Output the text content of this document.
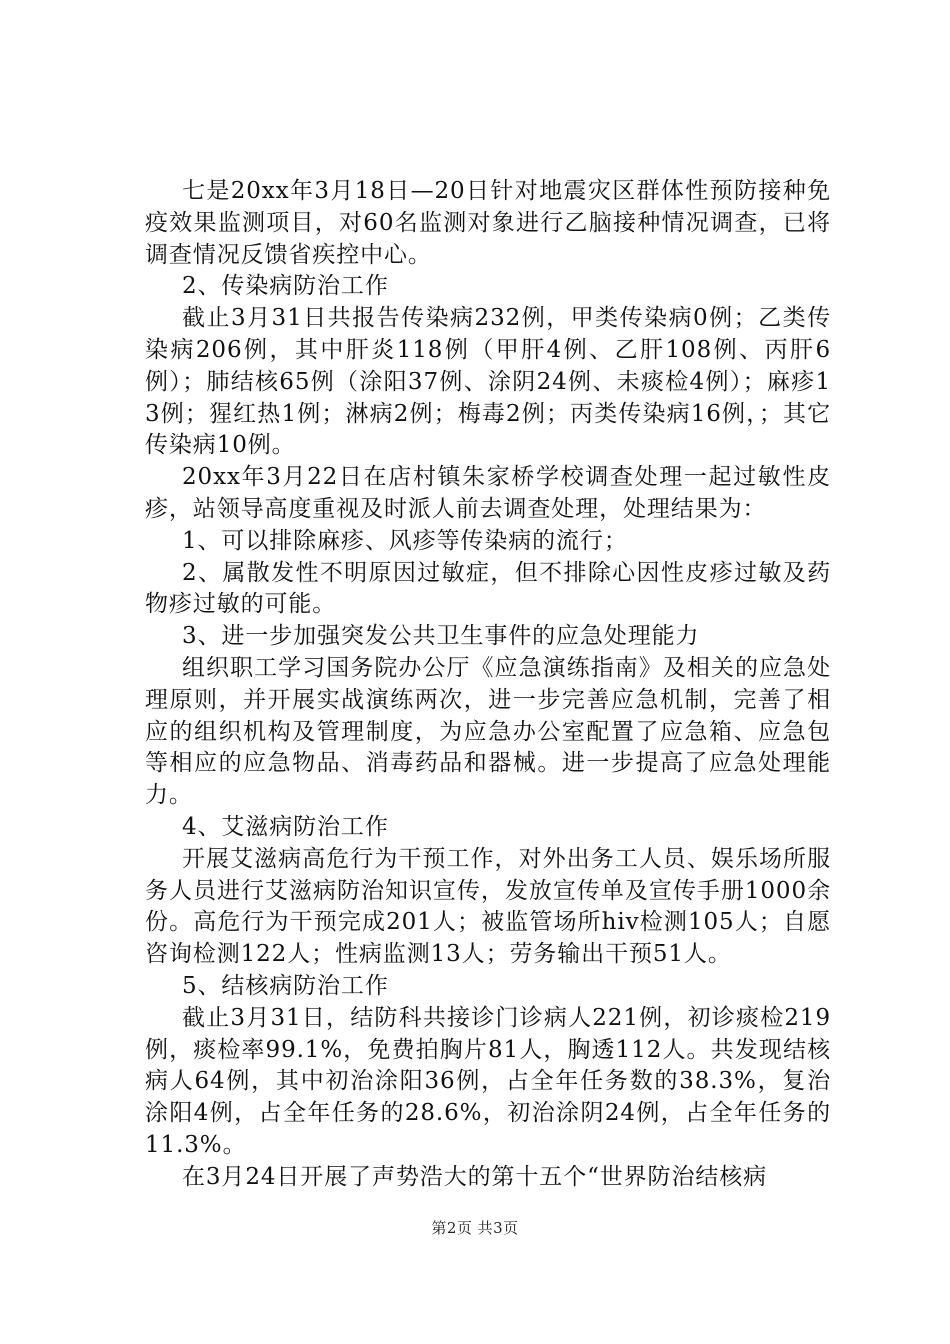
七是20xx年3月18日—20日针对地震灾区群体性预防接种免疫效果监测项目，对60名监测对象进行乙脑接种情况调查，已将调查情况反馈省疾控中心。

2、传染病防治工作

截止3月31日共报告传染病232例，甲类传染病0例；乙类传染病206例，其中肝炎118例（甲肝4例、乙肝108例、丙肝6例）；肺结核65例（涂阳37例、涂阴24例、未痰检4例）；麻疹13例；猩红热1例；淋病2例；梅毒2例；丙类传染病16例，；其它传染病10例。

20xx年3月22日在店村镇朱家桥学校调查处理一起过敏性皮疹，站领导高度重视及时派人前去调查处理，处理结果为：

1、可以排除麻疹、风疹等传染病的流行；

2、属散发性不明原因过敏症，但不排除心因性皮疹过敏及药物疹过敏的可能。

3、进一步加强突发公共卫生事件的应急处理能力

组织职工学习国务院办公厅《应急演练指南》及相关的应急处理原则，并开展实战演练两次，进一步完善应急机制，完善了相应的组织机构及管理制度，为应急办公室配置了应急箱、应急包等相应的应急物品、消毒药品和器械。进一步提高了应急处理能力。

4、艾滋病防治工作

开展艾滋病高危行为干预工作，对外出务工人员、娱乐场所服务人员进行艾滋病防治知识宣传，发放宣传单及宣传手册1000余份。高危行为干预完成201人；被监管场所hiv检测105人；自愿咨询检测122人；性病监测13人；劳务输出干预51人。

5、结核病防治工作

截止3月31日，结防科共接诊门诊病人221例，初诊痰检219例，痰检率99.1%，免费拍胸片81人，胸透112人。共发现结核病人64例，其中初治涂阳36例，占全年任务数的38.3%，复治涂阳4例，占全年任务的28.6%，初治涂阴24例，占全年任务的11.3%。

在3月24日开展了声势浩大的第十五个“世界防治结核病

第2页 共3页
